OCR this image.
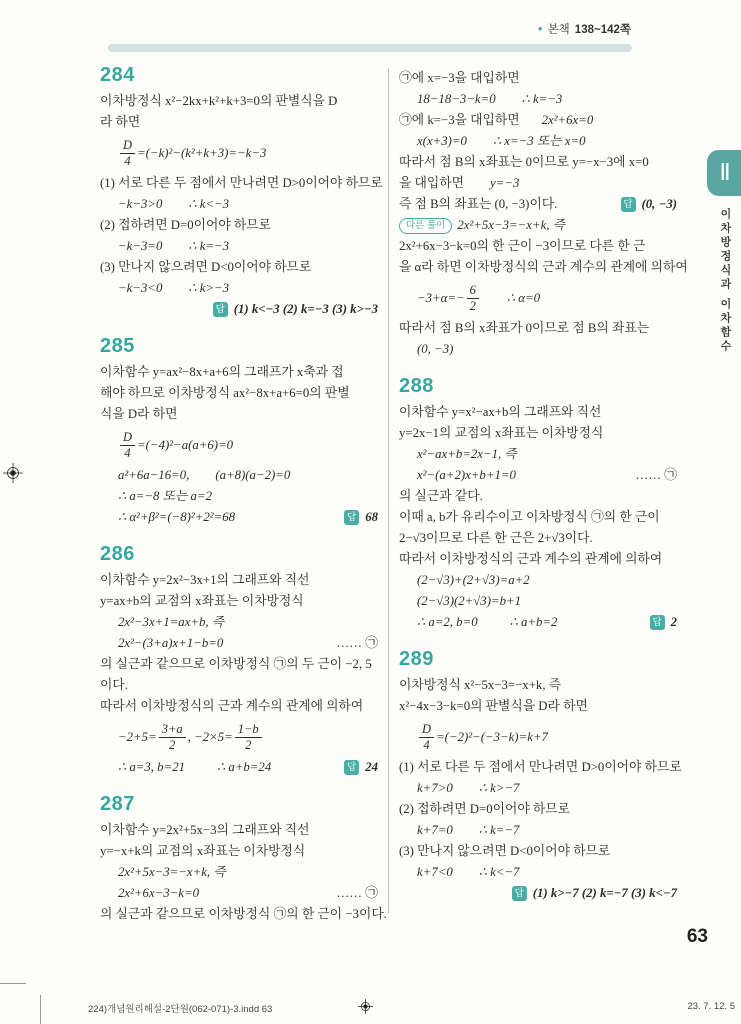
● 본책 138~142쪽
Ⅱ
이차방정식과 이차함수
284
이차방정식 x²−2kx+k²+k+3=0의 판별식을 D
라 하면
$\frac{D}{4} =(-k)^2-(k^2+k+3)=-k-3$
(1) 서로 다른 두 점에서 만나려면 D>0이어야 하므로
−k−3>0 ∴ k<−3
(2) 접하려면 D=0이어야 하므로
−k−3=0 ∴ k=−3
(3) 만나지 않으려면 D<0이어야 하므로
−k−3<0 ∴ k>−3
답 (1) k<−3 (2) k=−3 (3) k>−3
285
이차함수 y=ax²−8x+a+6의 그래프가 x축과 접
해야 하므로 이차방정식 ax²−8x+a+6=0의 판별
식을 D라 하면
$\frac{D}{4} =(-4)^2-a(a+6)=0$
a²+6a−16=0, (a+8)(a−2)=0
∴ a=−8 또는 a=2
∴ α²+β²=(−8)²+2²=68	답 68
286
이차함수 y=2x²−3x+1의 그래프와 직선
y=ax+b의 교점의 x좌표는 이차방정식
2x²−3x+1=ax+b, 즉
2x²−(3+a)x+1−b=0	…… ㉠
의 실근과 같으므로 이차방정식 ㉠의 두 근이 −2, 5
이다.
따라서 이차방정식의 근과 계수의 관계에 의하여
$-2+5= \frac{3+a}{2}$ , $-2\times 5= \frac{1-b}{2}$
∴ a=3, b=21	∴ a+b=24	답 24
287
이차함수 y=2x²+5x−3의 그래프와 직선
y=−x+k의 교점의 x좌표는 이차방정식
2x²+5x−3=−x+k, 즉
2x²+6x−3−k=0	…… ㉠
의 실근과 같으므로 이차방정식 ㉠의 한 근이 −3이다.
㉠에 x=−3을 대입하면
18−18−3−k=0 ∴ k=−3
㉠에 k=−3을 대입하면 2x²+6x=0
x(x+3)=0 ∴ x=−3 또는 x=0
따라서 점 B의 x좌표는 0이므로 y=−x−3에 x=0
을 대입하면 y=−3
즉 점 B의 좌표는 (0, −3)이다.	답 (0, −3)
다른 풀이 2x²+5x−3=−x+k, 즉
2x²+6x−3−k=0의 한 근이 −3이므로 다른 한 근
을 α라 하면 이차방정식의 근과 계수의 관계에 의하여
$-3+\alpha=- \frac{6}{2}$ ∴ α=0
따라서 점 B의 x좌표가 0이므로 점 B의 좌표는
(0, −3)
288
이차함수 y=x²−ax+b의 그래프와 직선
y=2x−1의 교점의 x좌표는 이차방정식
x²−ax+b=2x−1, 즉
x²−(a+2)x+b+1=0	…… ㉠
의 실근과 같다.
이때 a, b가 유리수이고 이차방정식 ㉠의 한 근이
2−√3이므로 다른 한 근은 2+√3이다.
따라서 이차방정식의 근과 계수의 관계에 의하여
(2−√3)+(2+√3)=a+2
(2−√3)(2+√3)=b+1
∴ a=2, b=0	∴ a+b=2	답 2
289
이차방정식 x²−5x−3=−x+k, 즉
x²−4x−3−k=0의 판별식을 D라 하면
$\frac{D}{4} =(-2)^2-(-3-k)=k+7$
(1) 서로 다른 두 점에서 만나려면 D>0이어야 하므로
k+7>0 ∴ k>−7
(2) 접하려면 D=0이어야 하므로
k+7=0 ∴ k=−7
(3) 만나지 않으려면 D<0이어야 하므로
k+7<0 ∴ k<−7
답 (1) k>−7 (2) k=−7 (3) k<−7
63
224)개념원리해설-2단원(062-071)-3.indd 63	23. 7. 12. 5
